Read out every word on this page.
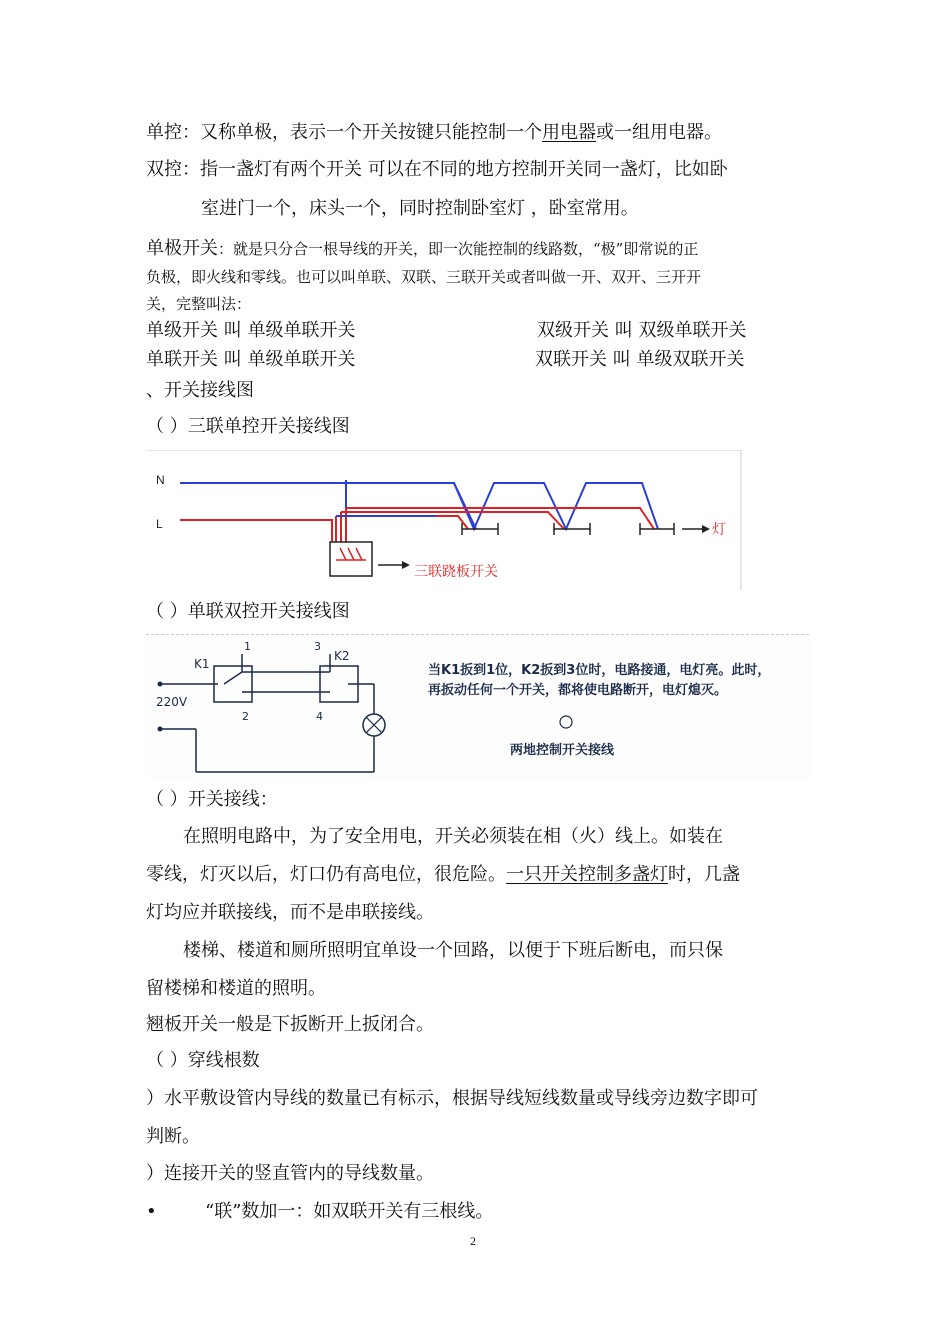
单控：又称单极，表示一个开关按键只能控制一个用电器或一组用电器。
双控：指一盏灯有两个开关 可以在不同的地方控制开关同一盏灯，比如卧
室进门一个，床头一个，同时控制卧室灯 ，卧室常用。
单极开关：就是只分合一根导线的开关，即一次能控制的线路数，“极”即常说的正
负极，即火线和零线。也可以叫单联、双联、三联开关或者叫做一开、双开、三开开
关，完整叫法：
单级开关 叫 单级单联开关	双级开关 叫 双级单联开关
单联开关 叫 单级单联开关	双联开关 叫 单级双联开关
、开关接线图
（ ）三联单控开关接线图
N
L	灯
三联跷板开关
（ ）单联双控开关接线图
K1
K2
1
2
3
4
220V
当K1扳到1位，K2扳到3位时，电路接通，电灯亮。此时，
再扳动任何一个开关，都将使电路断开，电灯熄灭。
两地控制开关接线
（ ）开关接线：
在照明电路中，为了安全用电，开关必须装在相（火）线上。如装在
零线，灯灭以后，灯口仍有高电位，很危险。一只开关控制多盏灯时，几盏
灯均应并联接线，而不是串联接线。
楼梯、楼道和厕所照明宜单设一个回路，以便于下班后断电，而只保
留楼梯和楼道的照明。
翘板开关一般是下扳断开上扳闭合。
（ ）穿线根数
）水平敷设管内导线的数量已有标示，根据导线短线数量或导线旁边数字即可
判断。
）连接开关的竖直管内的导线数量。
•	“联”数加一：如双联开关有三根线。
2
